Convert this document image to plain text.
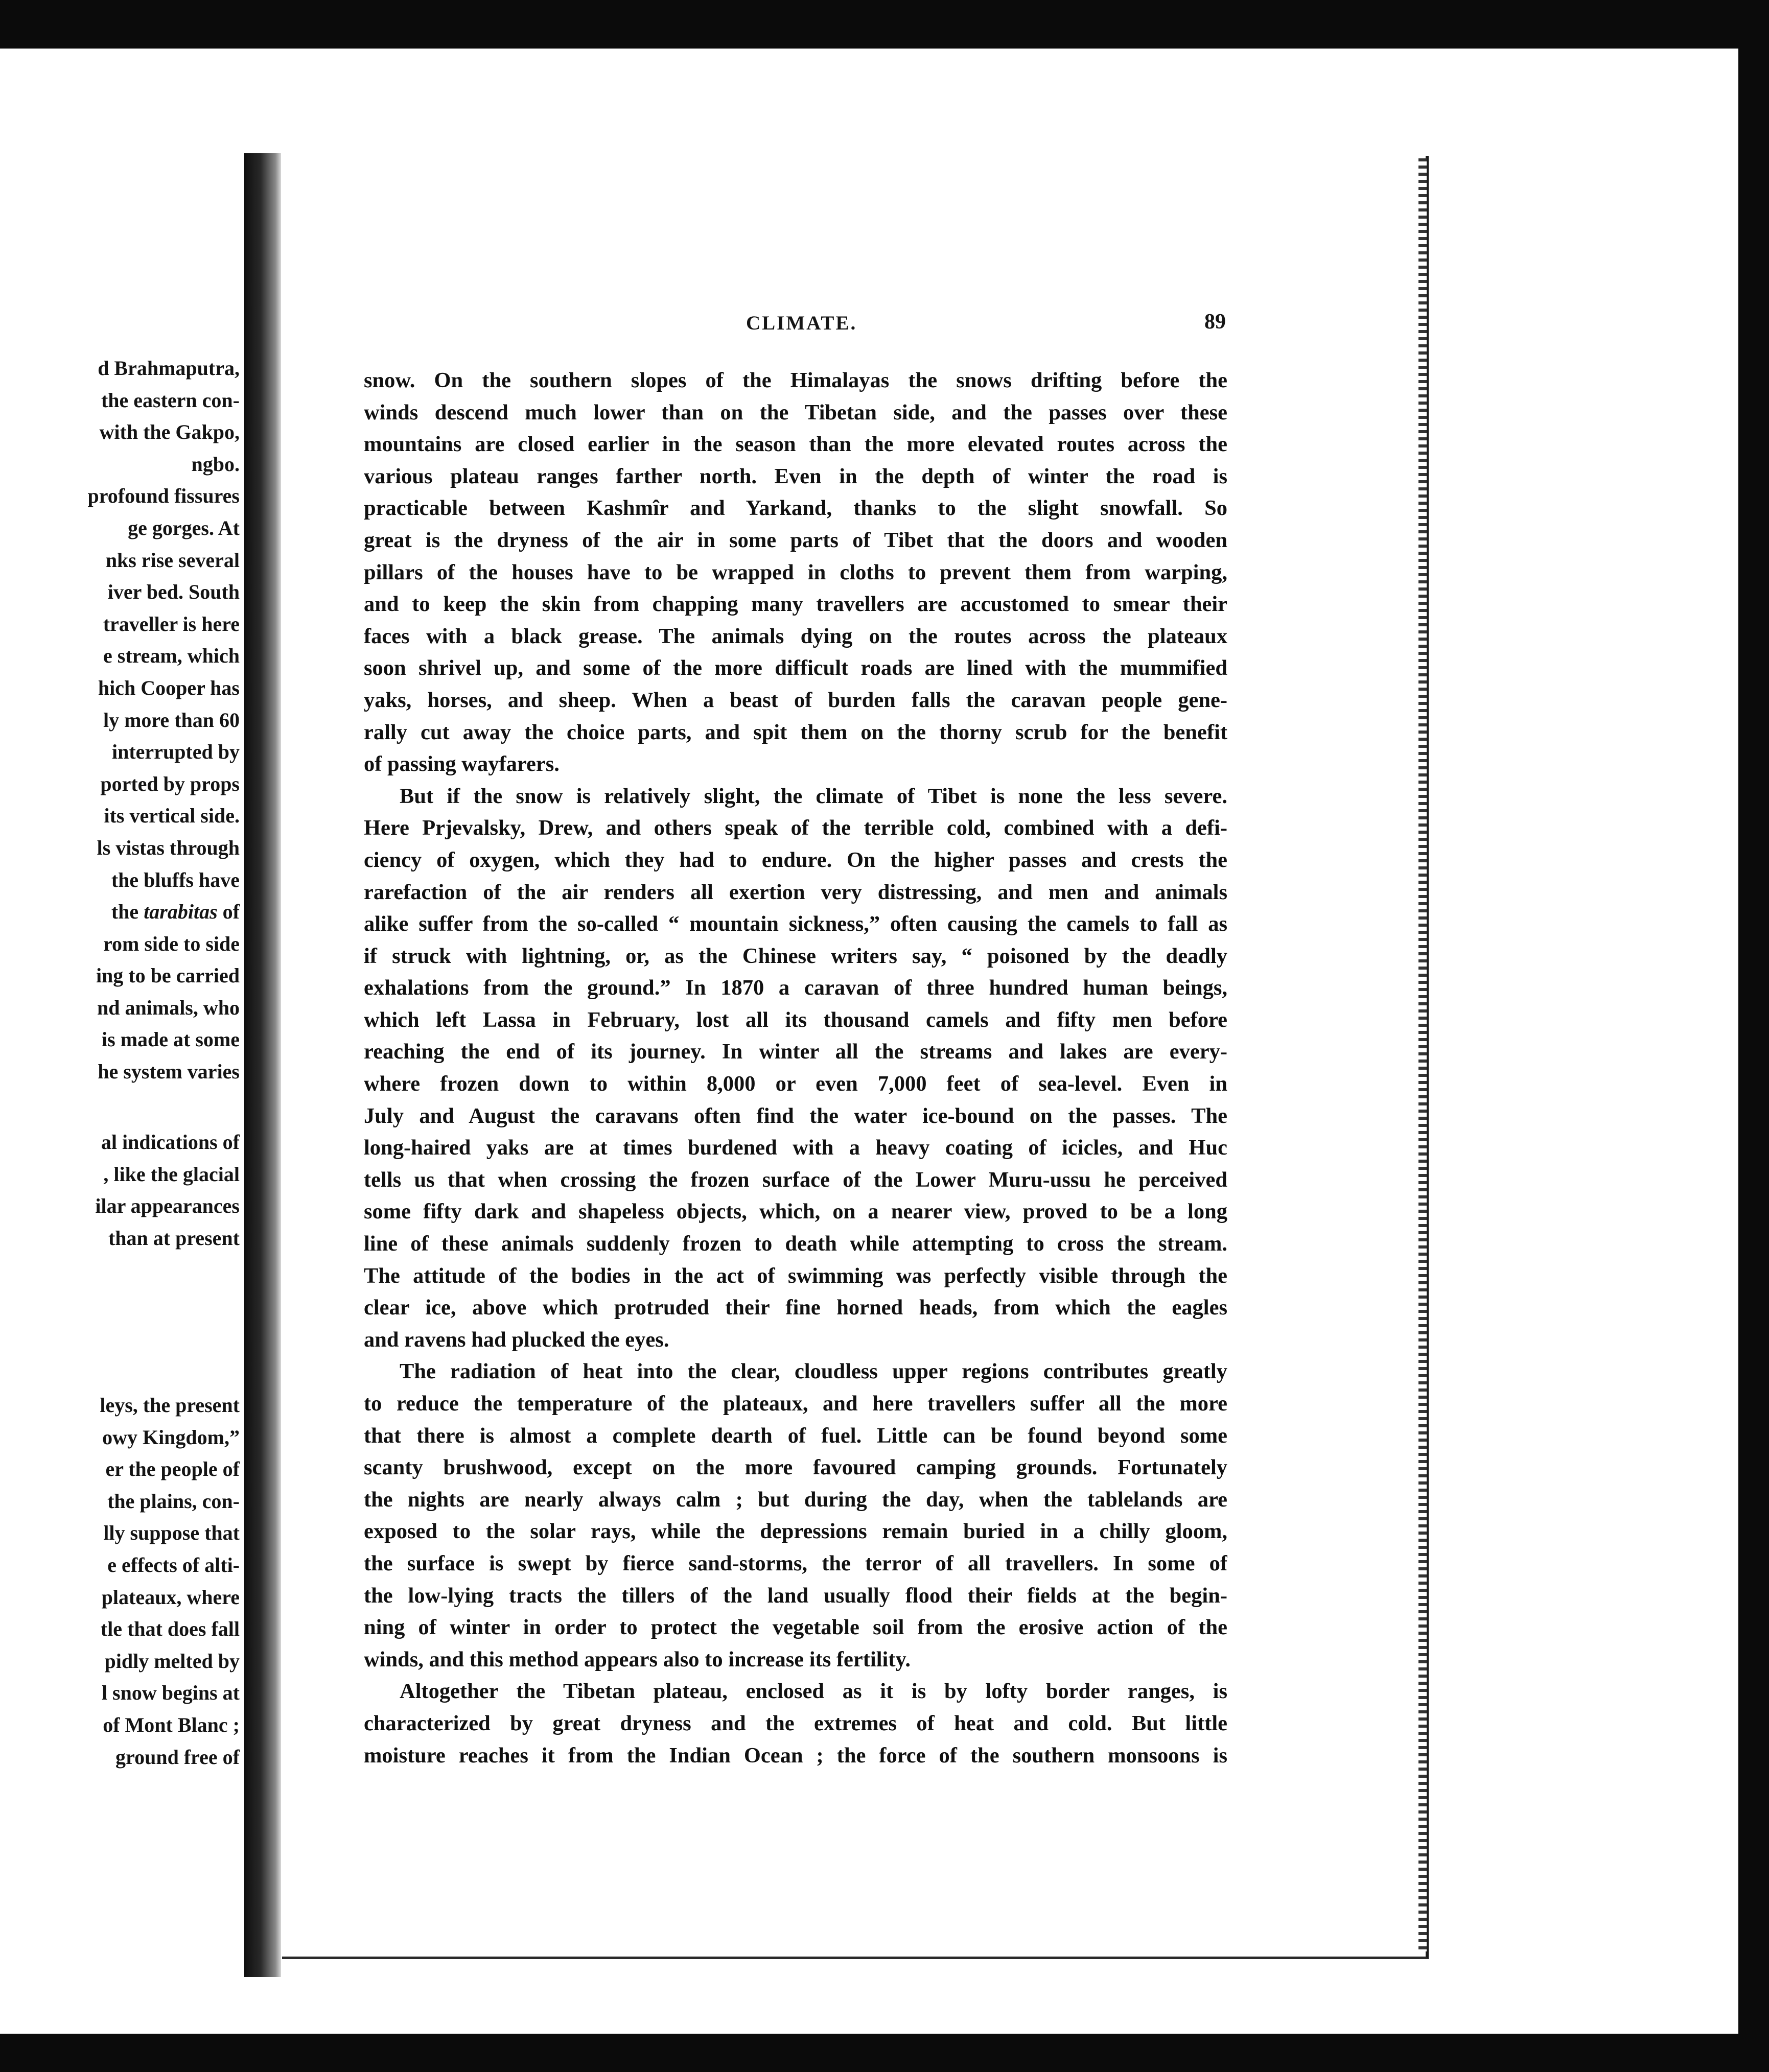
d Brahmaputra,
the eastern con-
with the Gakpo,
ngbo.
profound fissures
ge gorges. At
nks rise several
iver bed. South
traveller is here
e stream, which
hich Cooper has
ly more than 60
interrupted by
ported by props
its vertical side.
ls vistas through
the bluffs have
the tarabitas of
rom side to side
ing to be carried
nd animals, who
is made at some
he system varies
al indications of
, like the glacial
ilar appearances
than at present
leys, the present
owy Kingdom,”
er the people of
the plains, con-
lly suppose that
e effects of alti-
plateaux, where
tle that does fall
pidly melted by
l snow begins at
of Mont Blanc ;
ground free of
CLIMATE.	89
snow. On the southern slopes of the Himalayas the snows drifting before the
winds descend much lower than on the Tibetan side, and the passes over these
mountains are closed earlier in the season than the more elevated routes across the
various plateau ranges farther north. Even in the depth of winter the road is
practicable between Kashmîr and Yarkand, thanks to the slight snowfall. So
great is the dryness of the air in some parts of Tibet that the doors and wooden
pillars of the houses have to be wrapped in cloths to prevent them from warping,
and to keep the skin from chapping many travellers are accustomed to smear their
faces with a black grease. The animals dying on the routes across the plateaux
soon shrivel up, and some of the more difficult roads are lined with the mummified
yaks, horses, and sheep. When a beast of burden falls the caravan people gene-
rally cut away the choice parts, and spit them on the thorny scrub for the benefit
of passing wayfarers.
But if the snow is relatively slight, the climate of Tibet is none the less severe.
Here Prjevalsky, Drew, and others speak of the terrible cold, combined with a defi-
ciency of oxygen, which they had to endure. On the higher passes and crests the
rarefaction of the air renders all exertion very distressing, and men and animals
alike suffer from the so-called “ mountain sickness,” often causing the camels to fall as
if struck with lightning, or, as the Chinese writers say, “ poisoned by the deadly
exhalations from the ground.” In 1870 a caravan of three hundred human beings,
which left Lassa in February, lost all its thousand camels and fifty men before
reaching the end of its journey. In winter all the streams and lakes are every-
where frozen down to within 8,000 or even 7,000 feet of sea-level. Even in
July and August the caravans often find the water ice-bound on the passes. The
long-haired yaks are at times burdened with a heavy coating of icicles, and Huc
tells us that when crossing the frozen surface of the Lower Muru-ussu he perceived
some fifty dark and shapeless objects, which, on a nearer view, proved to be a long
line of these animals suddenly frozen to death while attempting to cross the stream.
The attitude of the bodies in the act of swimming was perfectly visible through the
clear ice, above which protruded their fine horned heads, from which the eagles
and ravens had plucked the eyes.
The radiation of heat into the clear, cloudless upper regions contributes greatly
to reduce the temperature of the plateaux, and here travellers suffer all the more
that there is almost a complete dearth of fuel. Little can be found beyond some
scanty brushwood, except on the more favoured camping grounds. Fortunately
the nights are nearly always calm ; but during the day, when the tablelands are
exposed to the solar rays, while the depressions remain buried in a chilly gloom,
the surface is swept by fierce sand-storms, the terror of all travellers. In some of
the low-lying tracts the tillers of the land usually flood their fields at the begin-
ning of winter in order to protect the vegetable soil from the erosive action of the
winds, and this method appears also to increase its fertility.
Altogether the Tibetan plateau, enclosed as it is by lofty border ranges, is
characterized by great dryness and the extremes of heat and cold. But little
moisture reaches it from the Indian Ocean ; the force of the southern monsoons is
